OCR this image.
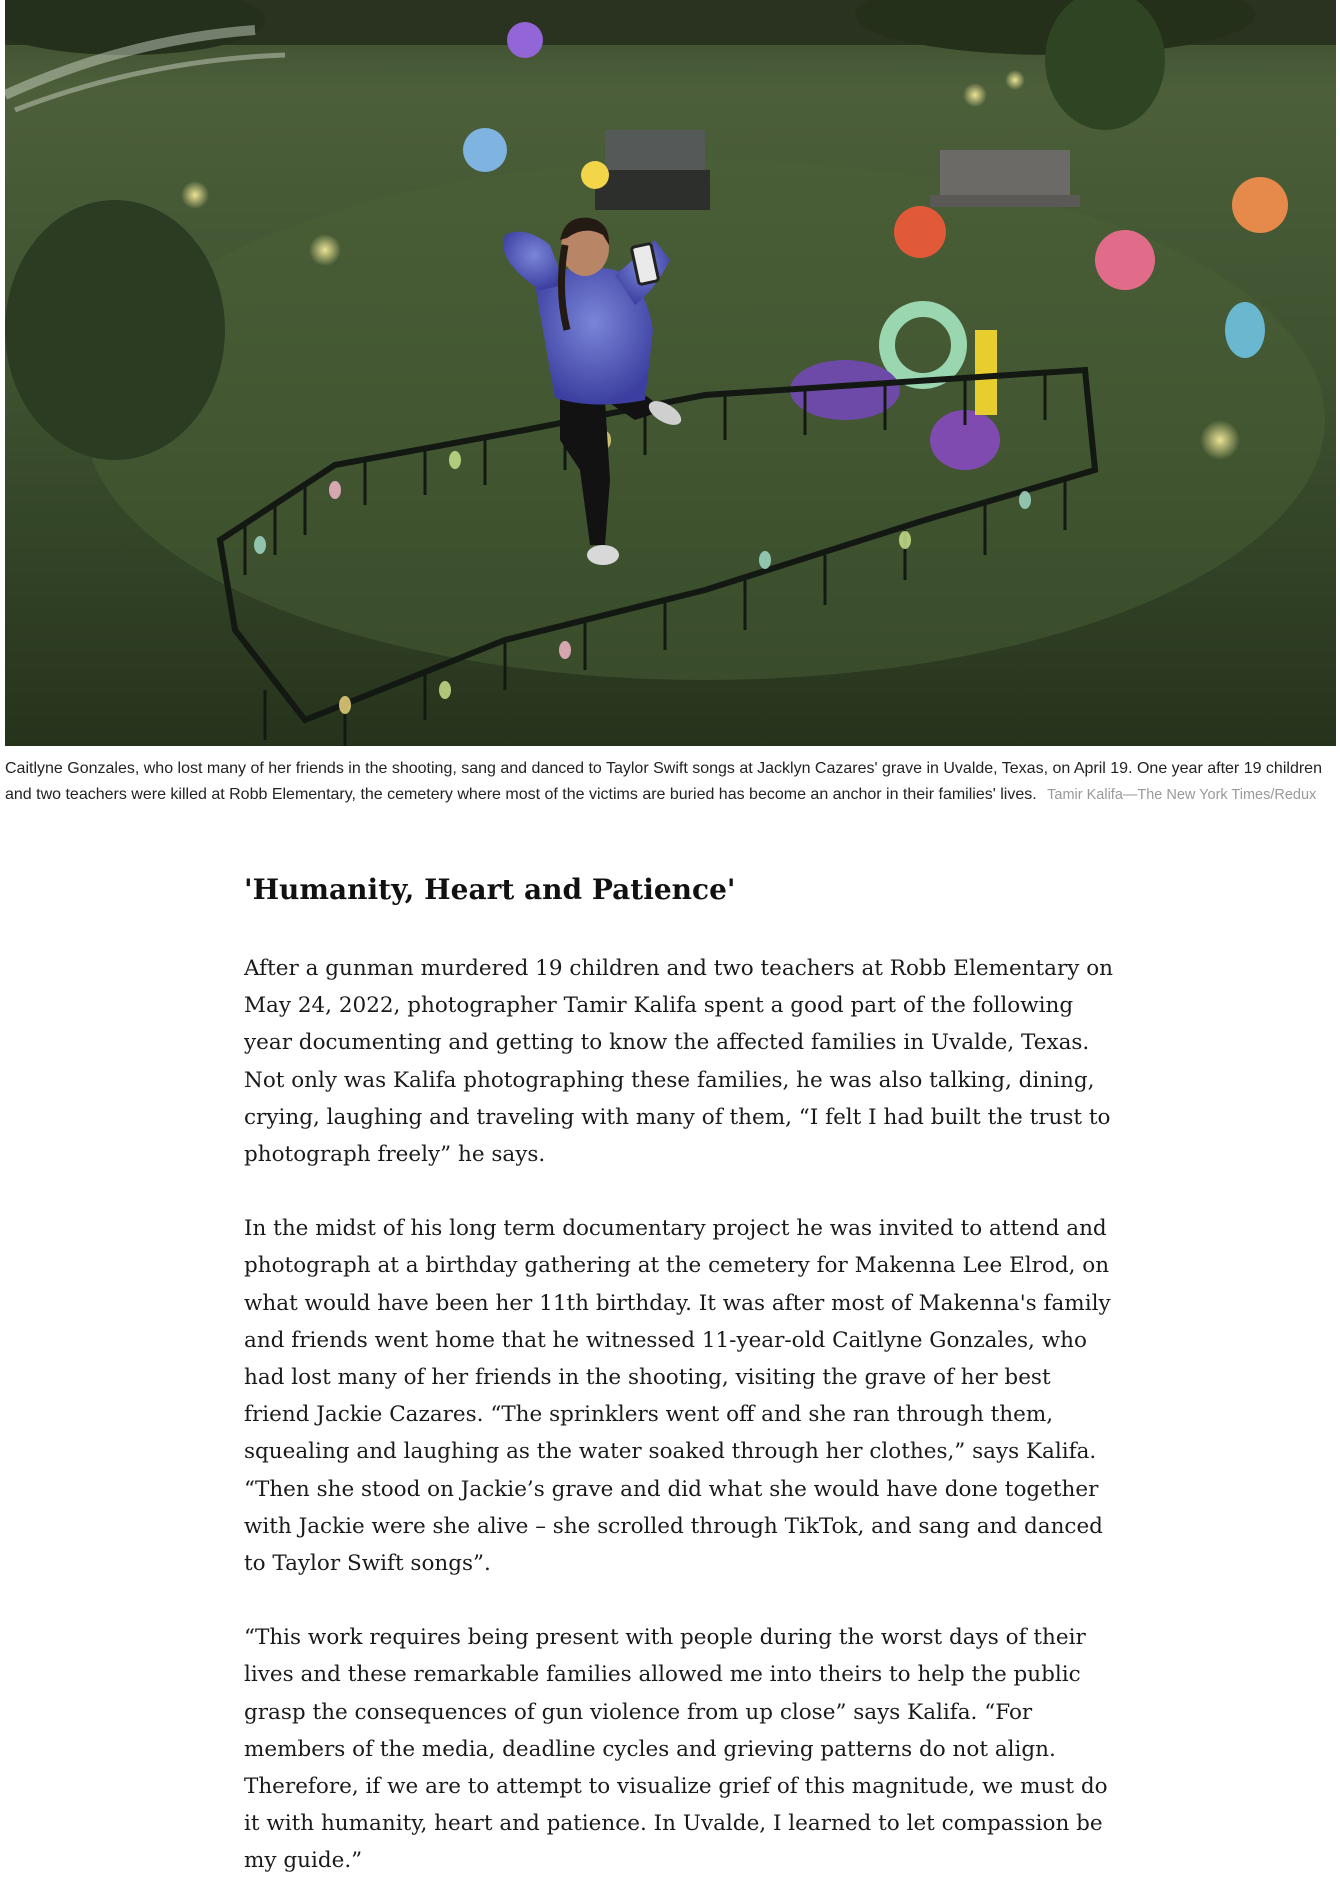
Caitlyne Gonzales, who lost many of her friends in the shooting, sang and danced to Taylor Swift songs at Jacklyn Cazares' grave in Uvalde, Texas, on April 19. One year after 19 children and two teachers were killed at Robb Elementary, the cemetery where most of the victims are buried has become an anchor in their families' lives. Tamir Kalifa—The New York Times/Redux
'Humanity, Heart and Patience'

After a gunman murdered 19 children and two teachers at Robb Elementary on May 24, 2022, photographer Tamir Kalifa spent a good part of the following year documenting and getting to know the affected families in Uvalde, Texas. Not only was Kalifa photographing these families, he was also talking, dining, crying, laughing and traveling with many of them, “I felt I had built the trust to photograph freely” he says.

In the midst of his long term documentary project he was invited to attend and photograph at a birthday gathering at the cemetery for Makenna Lee Elrod, on what would have been her 11th birthday. It was after most of Makenna's family and friends went home that he witnessed 11-year-old Caitlyne Gonzales, who had lost many of her friends in the shooting, visiting the grave of her best friend Jackie Cazares. “The sprinklers went off and she ran through them, squealing and laughing as the water soaked through her clothes,” says Kalifa. “Then she stood on Jackie’s grave and did what she would have done together with Jackie were she alive – she scrolled through TikTok, and sang and danced to Taylor Swift songs”.

“This work requires being present with people during the worst days of their lives and these remarkable families allowed me into theirs to help the public grasp the consequences of gun violence from up close” says Kalifa. “For members of the media, deadline cycles and grieving patterns do not align. Therefore, if we are to attempt to visualize grief of this magnitude, we must do it with humanity, heart and patience. In Uvalde, I learned to let compassion be my guide.”
